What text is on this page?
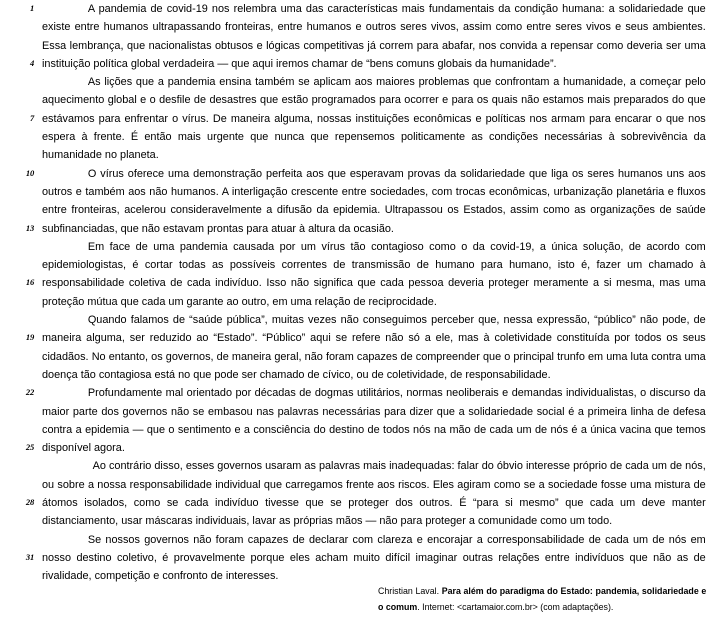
1
4
7
10
13
16
19
22
25
28
31

A pandemia de covid-19 nos relembra uma das características mais fundamentais da condição humana: a solidariedade que existe entre humanos ultrapassando fronteiras, entre humanos e outros seres vivos, assim como entre seres vivos e seus ambientes. Essa lembrança, que nacionalistas obtusos e lógicas competitivas já correm para abafar, nos convida a repensar como deveria ser uma instituição política global verdadeira — que aqui iremos chamar de “bens comuns globais da humanidade”.

As lições que a pandemia ensina também se aplicam aos maiores problemas que confrontam a humanidade, a começar pelo aquecimento global e o desfile de desastres que estão programados para ocorrer e para os quais não estamos mais preparados do que estávamos para enfrentar o vírus. De maneira alguma, nossas instituições econômicas e políticas nos armam para encarar o que nos espera à frente. É então mais urgente que nunca que repensemos politicamente as condições necessárias à sobrevivência da humanidade no planeta.

O vírus oferece uma demonstração perfeita aos que esperavam provas da solidariedade que liga os seres humanos uns aos outros e também aos não humanos. A interligação crescente entre sociedades, com trocas econômicas, urbanização planetária e fluxos entre fronteiras, acelerou consideravelmente a difusão da epidemia. Ultrapassou os Estados, assim como as organizações de saúde subfinanciadas, que não estavam prontas para atuar à altura da ocasião.

Em face de uma pandemia causada por um vírus tão contagioso como o da covid-19, a única solução, de acordo com epidemiologistas, é cortar todas as possíveis correntes de transmissão de humano para humano, isto é, fazer um chamado à responsabilidade coletiva de cada indivíduo. Isso não significa que cada pessoa deveria proteger meramente a si mesma, mas uma proteção mútua que cada um garante ao outro, em uma relação de reciprocidade.

Quando falamos de “saúde pública”, muitas vezes não conseguimos perceber que, nessa expressão, “público” não pode, de maneira alguma, ser reduzido ao “Estado”. “Público” aqui se refere não só a ele, mas à coletividade constituída por todos os seus cidadãos. No entanto, os governos, de maneira geral, não foram capazes de compreender que o principal trunfo em uma luta contra uma doença tão contagiosa está no que pode ser chamado de cívico, ou de coletividade, de responsabilidade.

Profundamente mal orientado por décadas de dogmas utilitários, normas neoliberais e demandas individualistas, o discurso da maior parte dos governos não se embasou nas palavras necessárias para dizer que a solidariedade social é a primeira linha de defesa contra a epidemia — que o sentimento e a consciência do destino de todos nós na mão de cada um de nós é a única vacina que temos disponível agora.

Ao contrário disso, esses governos usaram as palavras mais inadequadas: falar do óbvio interesse próprio de cada um de nós, ou sobre a nossa responsabilidade individual que carregamos frente aos riscos. Eles agiram como se a sociedade fosse uma mistura de átomos isolados, como se cada indivíduo tivesse que se proteger dos outros. É “para si mesmo” que cada um deve manter distanciamento, usar máscaras individuais, lavar as próprias mãos — não para proteger a comunidade como um todo.

Se nossos governos não foram capazes de declarar com clareza e encorajar a corresponsabilidade de cada um de nós em nosso destino coletivo, é provavelmente porque eles acham muito difícil imaginar outras relações entre indivíduos que não as de rivalidade, competição e confronto de interesses.

Christian Laval. Para além do paradigma do Estado: pandemia, solidariedade e o comum. Internet: <cartamaior.com.br> (com adaptações).
